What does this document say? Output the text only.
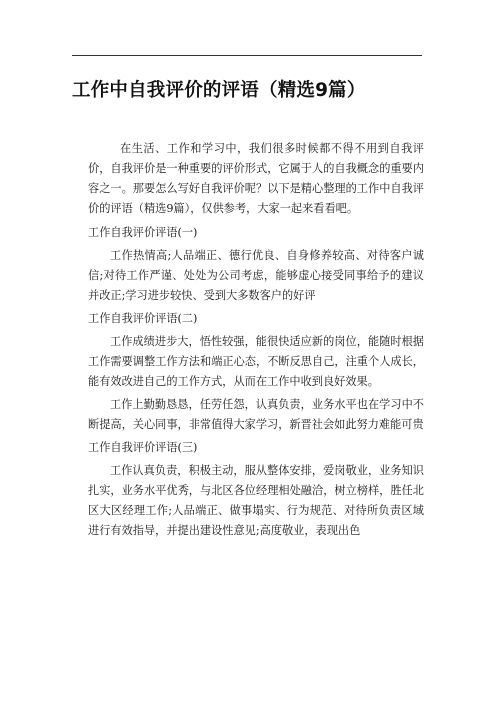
工作中自我评价的评语（精选9篇）

在生活、工作和学习中，我们很多时候都不得不用到自我评价，自我评价是一种重要的评价形式，它属于人的自我概念的重要内容之一。那要怎么写好自我评价呢？以下是精心整理的工作中自我评价的评语（精选9篇），仅供参考，大家一起来看看吧。

工作自我评价评语(一)

工作热情高;人品端正、德行优良、自身修养较高、对待客户诚信;对待工作严谨、处处为公司考虑，能够虚心接受同事给予的建议并改正;学习进步较快、受到大多数客户的好评

工作自我评价评语(二)

工作成绩进步大，悟性较强，能很快适应新的岗位，能随时根据工作需要调整工作方法和端正心态，不断反思自己，注重个人成长，能有效改进自己的工作方式，从而在工作中收到良好效果。

工作上勤勤恳恳，任劳任怨，认真负责，业务水平也在学习中不断提高，关心同事，非常值得大家学习，新晋社会如此努力难能可贵

工作自我评价评语(三)

工作认真负责，积极主动，服从整体安排，爱岗敬业，业务知识扎实，业务水平优秀，与北区各位经理相处融洽，树立榜样，胜任北区大区经理工作;人品端正、做事塌实、行为规范、对待所负责区域进行有效指导，并提出建设性意见;高度敬业，表现出色
